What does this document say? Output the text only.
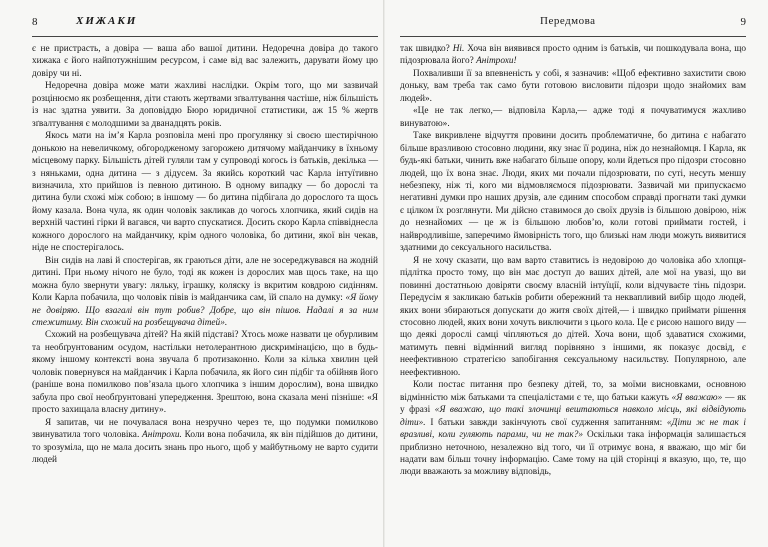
8	ХИЖАКИ

є не пристрасть, а довіра — ваша або вашої дитини. Недоречна довіра до такого хижака є його найпотужнішим ресурсом, і саме від вас залежить, дарувати йому цю довіру чи ні.

Недоречна довіра може мати жахливі наслідки. Окрім того, що ми зазвичай розцінюємо як розбещення, діти стають жертвами зґвалтування частіше, ніж більшість із нас здатна уявити. За доповіддю Бюро юридичної статистики, аж 15 % жертв зґвалтування є молодшими за дванадцять років.

Якось мати на ім’я Карла розповіла мені про прогулянку зі своєю шестирічною донькою на невеличкому, обгородженому загорожею дитячому майданчику в їхньому місцевому парку. Більшість дітей гуляли там у супроводі когось із батьків, декілька — з няньками, одна дитина — з дідусем. За якийсь короткий час Карла інтуїтивно визначила, хто прийшов із певною дитиною. В одному випадку — бо дорослі та дитина були схожі між собою; в іншому — бо дитина підбігала до дорослого та щось йому казала. Вона чула, як один чоловік закликав до чогось хлопчика, який сидів на верхній частині гірки й вагався, чи варто спускатися. Досить скоро Карла співвіднесла кожного дорослого на майданчику, крім одного чоловіка, бо дитини, якої він чекав, ніде не спостерігалось.

Він сидів на лаві й спостерігав, як граються діти, але не зосереджувався на жодній дитині. При ньому нічого не було, тоді як кожен із дорослих мав щось таке, на що можна було звернути увагу: ляльку, іграшку, коляску із вкритим ковдрою сидінням. Коли Карла побачила, що чоловік півів із майданчика сам, їй спало на думку: «Я йому не довіряю. Що взагалі він тут робив? Добре, що він пішов. Надалі я за ним стежитиму. Він схожий на розбещувача дітей».

Схожий на розбещувача дітей? На якій підставі? Хтось може назвати це обурливим та необґрунтованим осудом, настільки нетолерантною дискримінацією, що в будь-якому іншому контексті вона звучала б протизаконно. Коли за кілька хвилин цей чоловік повернувся на майданчик і Карла побачила, як його син підбіг та обійняв його (раніше вона помилково пов’язала цього хлопчика з іншим дорослим), вона швидко забула про свої необґрунтовані упередження. Зрештою, вона сказала мені пізніше: «Я просто захищала власну дитину».

Я запитав, чи не почувалася вона незручно через те, що подумки помилково звинуватила того чоловіка. Анітрохи. Коли вона побачила, як він підійшов до дитини, то зрозуміла, що не мала досить знань про нього, щоб у майбутньому не варто судити людей

Передмова	9

так швидко? Ні. Хоча він виявився просто одним із батьків, чи пошкодувала вона, що підозрювала його? Анітрохи!

Похваливши її за впевненість у собі, я зазначив: «Щоб ефективно захистити свою доньку, вам треба так само бути готовою висловити підозри щодо знайомих вам людей».

«Це не так легко,— відповіла Карла,— адже тоді я почуватимуся жахливо винуватою».

Таке викривлене відчуття провини досить проблематичне, бо дитина є набагато більше вразливою стосовно людини, яку знає її родина, ніж до незнайомця. І Карла, як будь-які батьки, чинить вже набагато більше опору, коли йдеться про підозри стосовно людей, що їх вона знає. Люди, яких ми почали підозрювати, по суті, несуть меншу небезпеку, ніж ті, кого ми відмовляємося підозрювати. Зазвичай ми припускаємо негативні думки про наших друзів, але єдиним способом справді прогнати такі думки є цілком їх розглянути. Ми дійсно ставимося до своїх друзів із більшою довірою, ніж до незнайомих — це ж із більшою любов’ю, коли готові приймати гостей, і найвродливіше, заперечимо ймовірність того, що близькі нам люди можуть виявитися здатними до сексуального насильства.

Я не хочу сказати, що вам варто ставитись із недовірою до чоловіка або хлопця-підлітка просто тому, що він має доступ до ваших дітей, але мої на увазі, що ви повинні достатньою довіряти своєму власній інтуїції, коли відчуваєте тінь підозри. Передусім я закликаю батьків робити обережний та неквапливий вибір щодо людей, яких вони збираються допускати до житя своїх дітей,— і швидко приймати рішення стосовно людей, яких вони хочуть виключити з цього кола. Це є рисою нашого виду — що деякі дорослі самці чіпляються до дітей. Хоча вони, щоб здаватися схожими, матимуть певні відмінний вигляд порівняно з іншими, як показує досвід, є неефективною стратегією запобігання сексуальному насильству. Популярною, але неефективною.

Коли постає питання про безпеку дітей, то, за моїми висновками, основною відмінністю між батьками та спеціалістами є те, що батьки кажуть «Я вважаю» — як у фразі «Я вважаю, що такі злочинці вештаються навколо місць, які відвідують діти». І батьки завжди закінчують свої судження запитанням: «Діти ж не так і вразливі, коли гуляють парами, чи не так?» Оскільки така інформація залишається приблизно неточною, незалежно від того, чи її отримує вона, я вважаю, що міг би надати вам більш точну інформацію. Саме тому на цій сторінці я вказую, що, те, що люди вважають за можливу відповідь,
